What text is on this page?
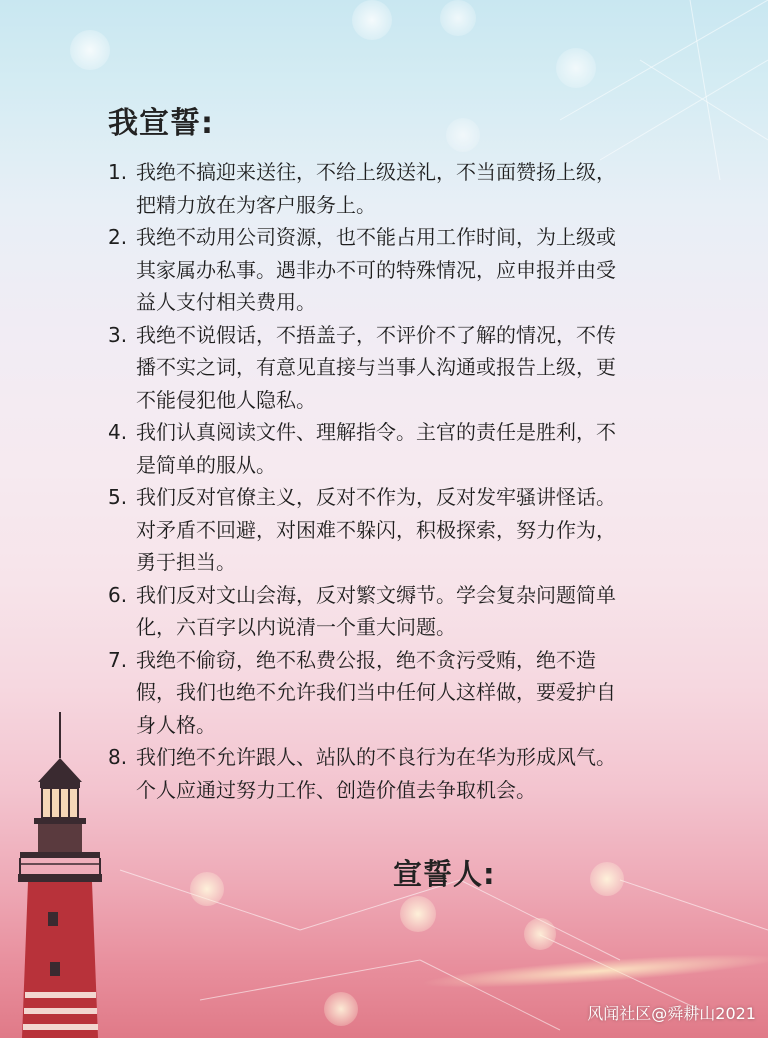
我宣誓:
1. 我绝不搞迎来送往，不给上级送礼，不当面赞扬上级，
把精力放在为客户服务上。
2. 我绝不动用公司资源，也不能占用工作时间，为上级或
其家属办私事。遇非办不可的特殊情况，应申报并由受
益人支付相关费用。
3. 我绝不说假话，不捂盖子，不评价不了解的情况，不传
播不实之词，有意见直接与当事人沟通或报告上级，更
不能侵犯他人隐私。
4. 我们认真阅读文件、理解指令。主官的责任是胜利，不
是简单的服从。
5. 我们反对官僚主义，反对不作为，反对发牢骚讲怪话。
对矛盾不回避，对困难不躲闪，积极探索，努力作为，
勇于担当。
6. 我们反对文山会海，反对繁文缛节。学会复杂问题简单
化，六百字以内说清一个重大问题。
7. 我绝不偷窃，绝不私费公报，绝不贪污受贿，绝不造
假，我们也绝不允许我们当中任何人这样做，要爱护自
身人格。
8. 我们绝不允许跟人、站队的不良行为在华为形成风气。
个人应通过努力工作、创造价值去争取机会。
宣誓人:
风闻社区@舜耕山2021
